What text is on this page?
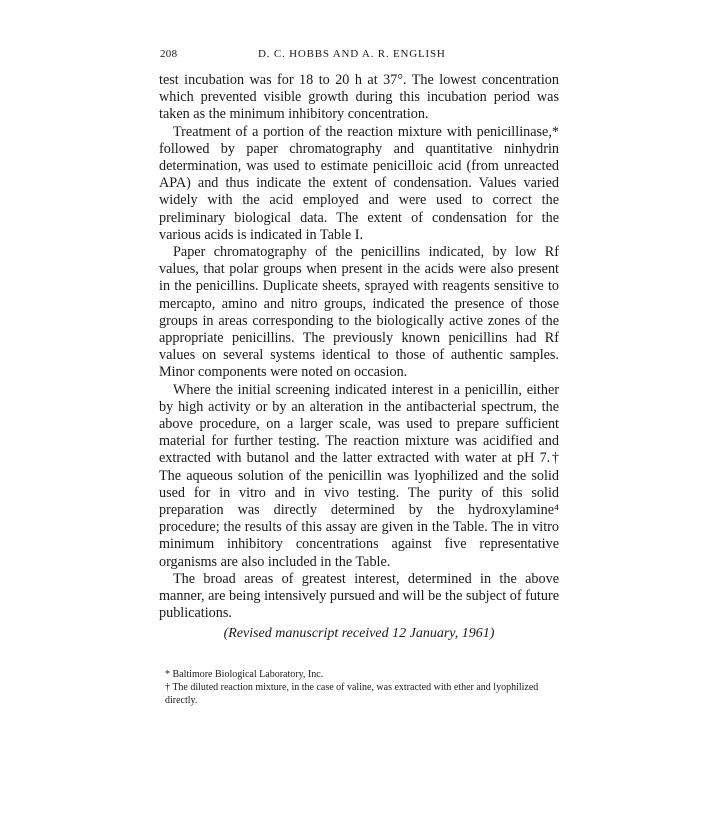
208	D. C. HOBBS AND A. R. ENGLISH

test incubation was for 18 to 20 h at 37°. The lowest concentration which prevented visible growth during this incubation period was taken as the minimum inhibitory concentration.

Treatment of a portion of the reaction mixture with penicillinase,* followed by paper chromatography and quantitative ninhydrin determination, was used to estimate penicilloic acid (from unreacted APA) and thus indicate the extent of condensation. Values varied widely with the acid employed and were used to correct the preliminary biological data. The extent of condensation for the various acids is indicated in Table I.

Paper chromatography of the penicillins indicated, by low Rf values, that polar groups when present in the acids were also present in the penicillins. Duplicate sheets, sprayed with reagents sensitive to mercapto, amino and nitro groups, indicated the presence of those groups in areas corresponding to the biologically active zones of the appropriate penicillins. The previously known penicillins had Rf values on several systems identical to those of authentic samples. Minor components were noted on occasion.

Where the initial screening indicated interest in a penicillin, either by high activity or by an alteration in the antibacterial spectrum, the above procedure, on a larger scale, was used to prepare sufficient material for further testing. The reaction mixture was acidified and extracted with butanol and the latter extracted with water at pH 7.† The aqueous solution of the penicillin was lyophilized and the solid used for in vitro and in vivo testing. The purity of this solid preparation was directly determined by the hydroxylamine⁴ procedure; the results of this assay are given in the Table. The in vitro minimum inhibitory concentrations against five representative organisms are also included in the Table.

The broad areas of greatest interest, determined in the above manner, are being intensively pursued and will be the subject of future publications.

(Revised manuscript received 12 January, 1961)

* Baltimore Biological Laboratory, Inc.

† The diluted reaction mixture, in the case of valine, was extracted with ether and lyophilized directly.
